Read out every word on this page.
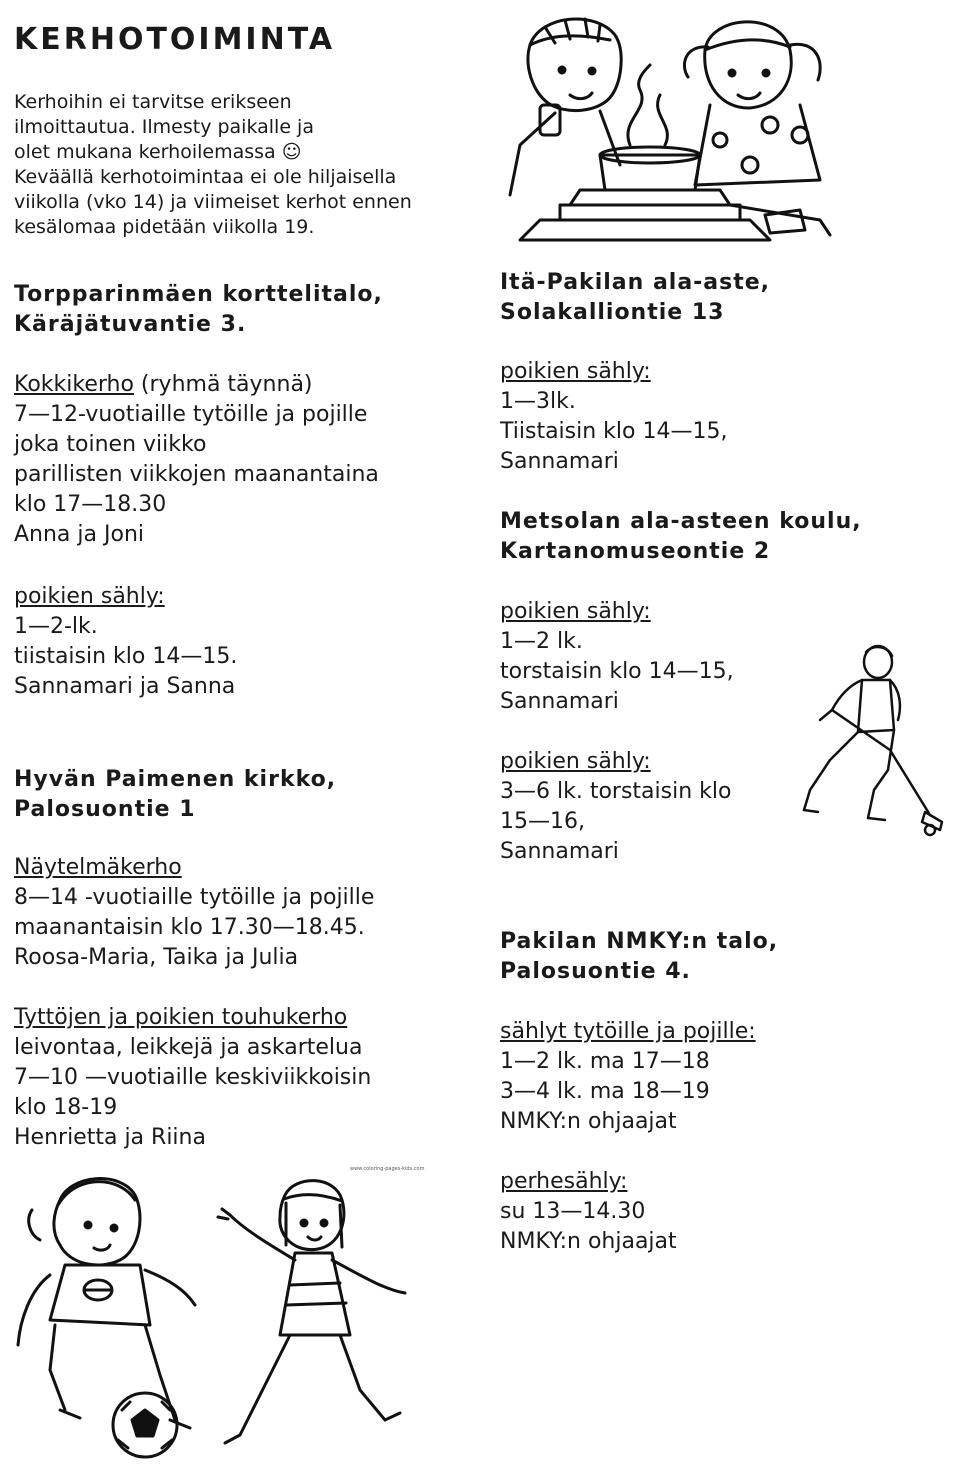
KERHOTOIMINTA
Kerhoihin ei tarvitse erikseen
ilmoittautua. Ilmesty paikalle ja
olet mukana kerhoilemassa ☺
Keväällä kerhotoimintaa ei ole hiljaisella
viikolla (vko 14) ja viimeiset kerhot ennen
kesälomaa pidetään viikolla 19.
Torpparinmäen korttelitalo,
Käräjätuvantie 3.
Kokkikerho (ryhmä täynnä)
7—12-vuotiaille tytöille ja pojille
joka toinen viikko
parillisten viikkojen maanantaina
klo 17—18.30
Anna ja Joni
poikien sähly:
1—2-lk.
tiistaisin klo 14—15.
Sannamari ja Sanna
Hyvän Paimenen kirkko,
Palosuontie 1
Näytelmäkerho
8—14 -vuotiaille tytöille ja pojille
maanantaisin klo 17.30—18.45.
Roosa-Maria, Taika ja Julia
Tyttöjen ja poikien touhukerho
leivontaa, leikkejä ja askartelua
7—10 —vuotiaille keskiviikkoisin
klo 18-19
Henrietta ja Riina
www.coloring-pages-kids.com
Itä-Pakilan ala-aste,
Solakalliontie 13
poikien sähly:
1—3lk.
Tiistaisin klo 14—15,
Sannamari
Metsolan ala-asteen koulu,
Kartanomuseontie 2
poikien sähly:
1—2 lk.
torstaisin klo 14—15,
Sannamari
poikien sähly:
3—6 lk. torstaisin klo
15—16,
Sannamari
Pakilan NMKY:n talo,
Palosuontie 4.
sählyt tytöille ja pojille:
1—2 lk. ma 17—18
3—4 lk. ma 18—19
NMKY:n ohjaajat
perhesähly:
su 13—14.30
NMKY:n ohjaajat
